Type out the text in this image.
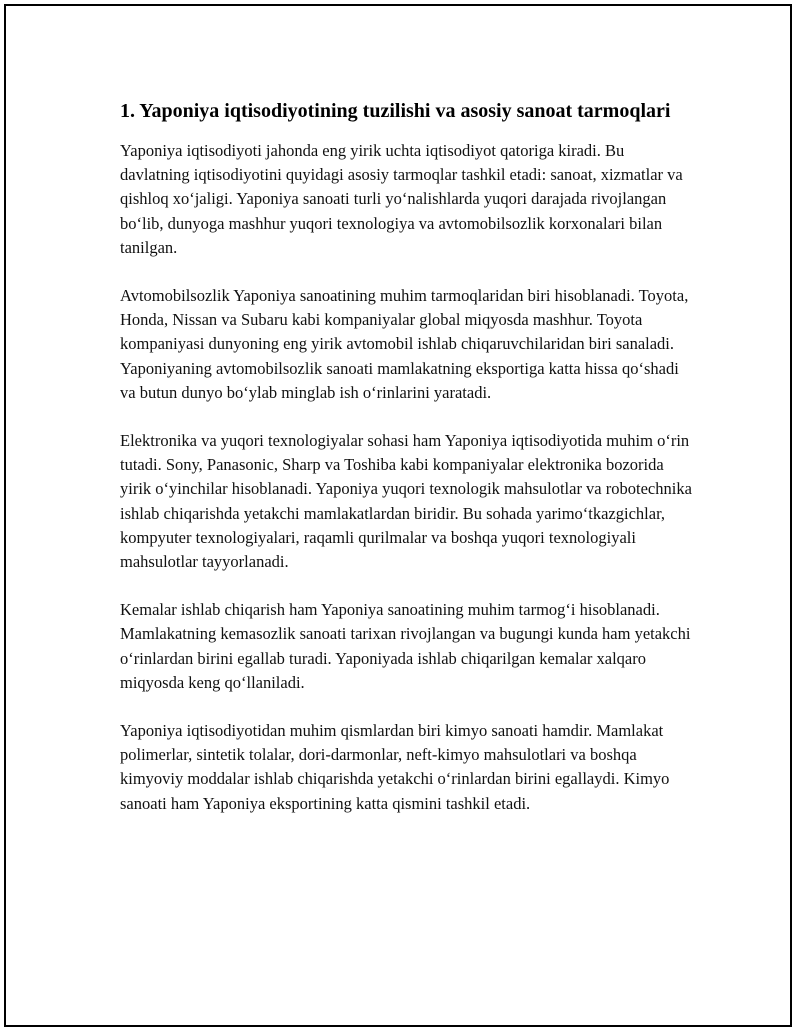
1. Yaponiya iqtisodiyotining tuzilishi va asosiy sanoat tarmoqlari

Yaponiya iqtisodiyoti jahonda eng yirik uchta iqtisodiyot qatoriga kiradi. Bu davlatning iqtisodiyotini quyidagi asosiy tarmoqlar tashkil etadi: sanoat, xizmatlar va qishloq xo‘jaligi. Yaponiya sanoati turli yo‘nalishlarda yuqori darajada rivojlangan bo‘lib, dunyoga mashhur yuqori texnologiya va avtomobilsozlik korxonalari bilan tanilgan.

Avtomobilsozlik Yaponiya sanoatining muhim tarmoqlaridan biri hisoblanadi. Toyota, Honda, Nissan va Subaru kabi kompaniyalar global miqyosda mashhur. Toyota kompaniyasi dunyoning eng yirik avtomobil ishlab chiqaruvchilaridan biri sanaladi. Yaponiyaning avtomobilsozlik sanoati mamlakatning eksportiga katta hissa qo‘shadi va butun dunyo bo‘ylab minglab ish o‘rinlarini yaratadi.

Elektronika va yuqori texnologiyalar sohasi ham Yaponiya iqtisodiyotida muhim o‘rin tutadi. Sony, Panasonic, Sharp va Toshiba kabi kompaniyalar elektronika bozorida yirik o‘yinchilar hisoblanadi. Yaponiya yuqori texnologik mahsulotlar va robotechnika ishlab chiqarishda yetakchi mamlakatlardan biridir. Bu sohada yarimo‘tkazgichlar, kompyuter texnologiyalari, raqamli qurilmalar va boshqa yuqori texnologiyali mahsulotlar tayyorlanadi.

Kemalar ishlab chiqarish ham Yaponiya sanoatining muhim tarmog‘i hisoblanadi. Mamlakatning kemasozlik sanoati tarixan rivojlangan va bugungi kunda ham yetakchi o‘rinlardan birini egallab turadi. Yaponiyada ishlab chiqarilgan kemalar xalqaro miqyosda keng qo‘llaniladi.

Yaponiya iqtisodiyotidan muhim qismlardan biri kimyo sanoati hamdir. Mamlakat polimerlar, sintetik tolalar, dori-darmonlar, neft-kimyo mahsulotlari va boshqa kimyoviy moddalar ishlab chiqarishda yetakchi o‘rinlardan birini egallaydi. Kimyo sanoati ham Yaponiya eksportining katta qismini tashkil etadi.
